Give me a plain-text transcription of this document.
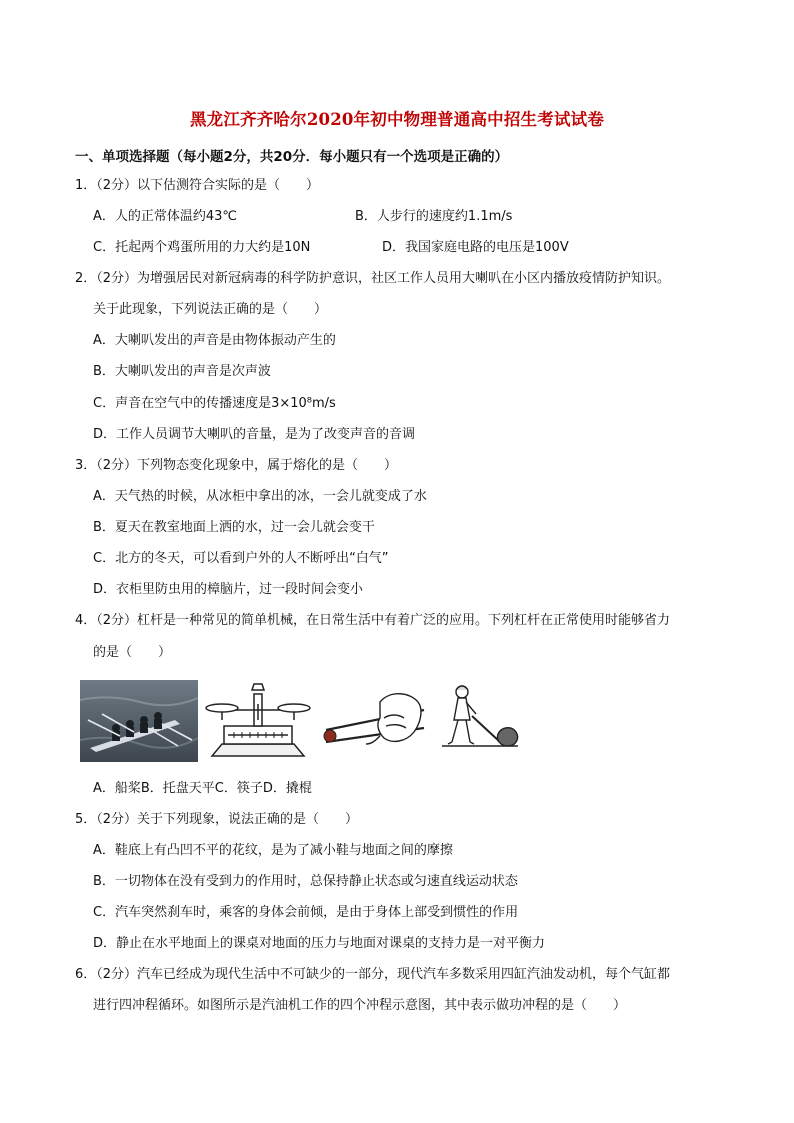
黑龙江齐齐哈尔2020年初中物理普通高中招生考试试卷
一、单项选择题（每小题2分，共20分．每小题只有一个选项是正确的）
1．（2分）以下估测符合实际的是（　　）
A．人的正常体温约43℃	B．人步行的速度约1.1m/s
C．托起两个鸡蛋所用的力大约是10N	D．我国家庭电路的电压是100V
2．（2分）为增强居民对新冠病毒的科学防护意识，社区工作人员用大喇叭在小区内播放疫情防护知识。
关于此现象，下列说法正确的是（　　）
A．大喇叭发出的声音是由物体振动产生的
B．大喇叭发出的声音是次声波
C．声音在空气中的传播速度是3×10⁸m/s
D．工作人员调节大喇叭的音量，是为了改变声音的音调
3．（2分）下列物态变化现象中，属于熔化的是（　　）
A．天气热的时候，从冰柜中拿出的冰，一会儿就变成了水
B．夏天在教室地面上洒的水，过一会儿就会变干
C．北方的冬天，可以看到户外的人不断呼出“白气”
D．衣柜里防虫用的樟脑片，过一段时间会变小
4．（2分）杠杆是一种常见的简单机械，在日常生活中有着广泛的应用。下列杠杆在正常使用时能够省力
的是（　　）
A．船桨B．托盘天平C．筷子D．撬棍
5．（2分）关于下列现象，说法正确的是（　　）
A．鞋底上有凸凹不平的花纹，是为了减小鞋与地面之间的摩擦
B．一切物体在没有受到力的作用时，总保持静止状态或匀速直线运动状态
C．汽车突然刹车时，乘客的身体会前倾，是由于身体上部受到惯性的作用
D．静止在水平地面上的课桌对地面的压力与地面对课桌的支持力是一对平衡力
6．（2分）汽车已经成为现代生活中不可缺少的一部分，现代汽车多数采用四缸汽油发动机，每个气缸都
进行四冲程循环。如图所示是汽油机工作的四个冲程示意图，其中表示做功冲程的是（　　）
